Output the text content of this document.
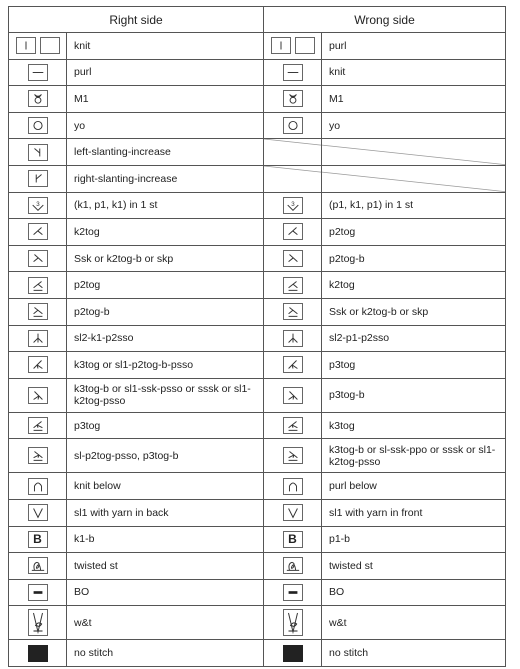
Right side		Wrong side	

	knit		purl

	purl		knit

	M1		M1

	yo		yo

	left-slanting-increase	

	right-slanting-increase	

3	(k1, p1, k1) in 1 st	3	(p1, k1, p1) in 1 st

	k2tog		p2tog

	Ssk or k2tog-b or skp		p2tog-b

	p2tog		k2tog

	p2tog-b		Ssk or k2tog-b or skp

	sl2-k1-p2sso		sl2-p1-p2sso

	k3tog or sl1-p2tog-b-psso		p3tog

	k3tog-b or sl1-ssk-psso or sssk or sl1-k2tog-psso		p3tog-b

	p3tog		k3tog

	sl-p2tog-psso, p3tog-b		k3tog-b or sl-ssk-ppo or sssk or sl1-k2tog-psso

	knit below		purl below

	sl1 with yarn in back		sl1 with yarn in front
B	k1-b	B	p1-b

	twisted st		twisted st

	BO		BO

	w&t		w&t
	no stitch		no stitch
